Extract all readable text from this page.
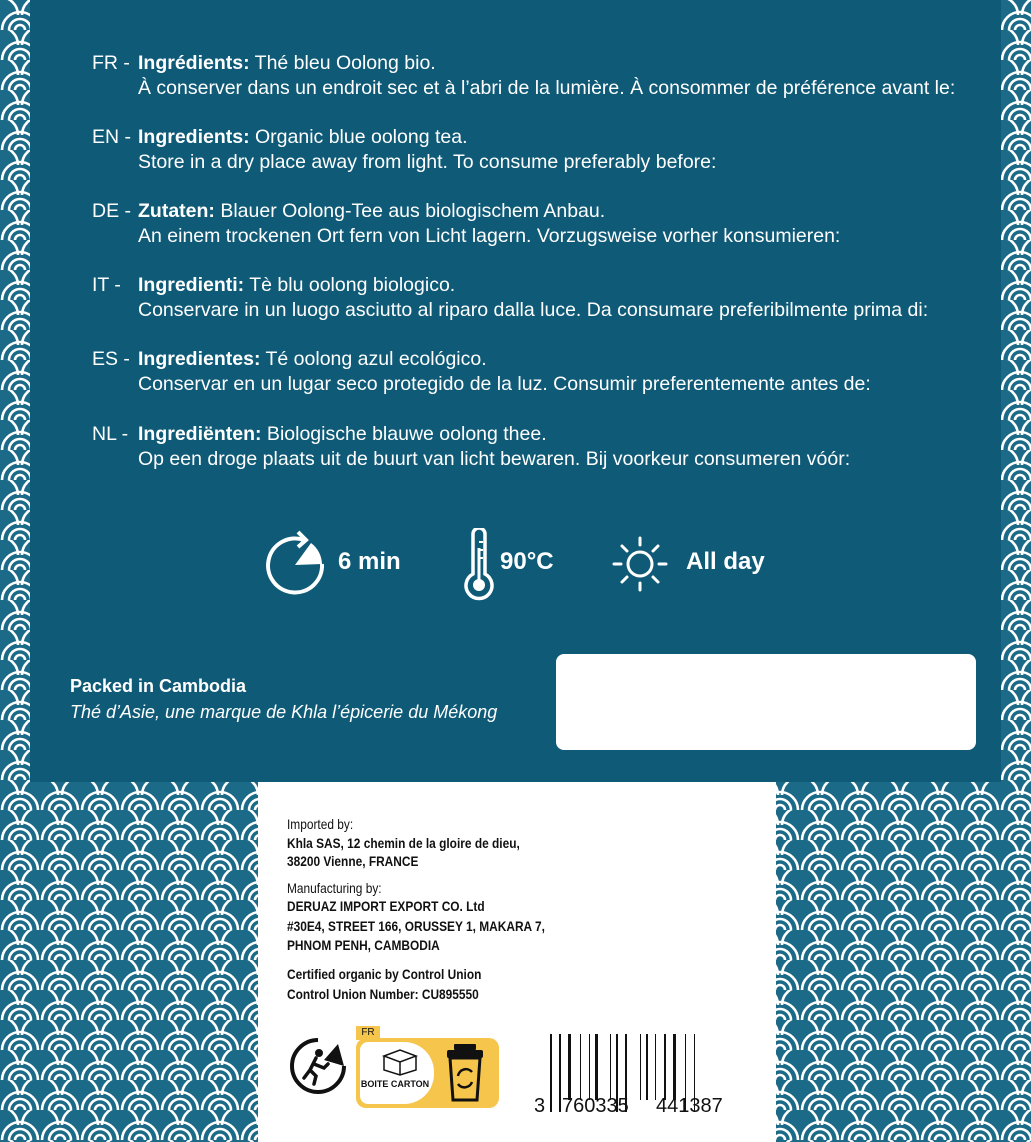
FR - Ingrédients: Thé bleu Oolong bio.
À conserver dans un endroit sec et à l’abri de la lumière. À consommer de préférence avant le:
EN - Ingredients: Organic blue oolong tea.
Store in a dry place away from light. To consume preferably before:
DE - Zutaten: Blauer Oolong-Tee aus biologischem Anbau.
An einem trockenen Ort fern von Licht lagern. Vorzugsweise vorher konsumieren:
IT - Ingredienti: Tè blu oolong biologico.
Conservare in un luogo asciutto al riparo dalla luce. Da consumare preferibilmente prima di:
ES - Ingredientes: Té oolong azul ecológico.
Conservar en un lugar seco protegido de la luz. Consumir preferentemente antes de:
NL - Ingrediënten: Biologische blauwe oolong thee.
Op een droge plaats uit de buurt van licht bewaren. Bij voorkeur consumeren vóór:
6 min	90°C	All day
Packed in Cambodia
Thé d’Asie, une marque de Khla l’épicerie du Mékong
Imported by:
Khla SAS, 12 chemin de la gloire de dieu,
38200 Vienne, FRANCE
Manufacturing by:
DERUAZ IMPORT EXPORT CO. Ltd
#30E4, STREET 166, ORUSSEY 1, MAKARA 7,
PHNOM PENH, CAMBODIA
Certified organic by Control Union
Control Union Number: CU895550
FR
BOITE CARTON
3 760335 441387
